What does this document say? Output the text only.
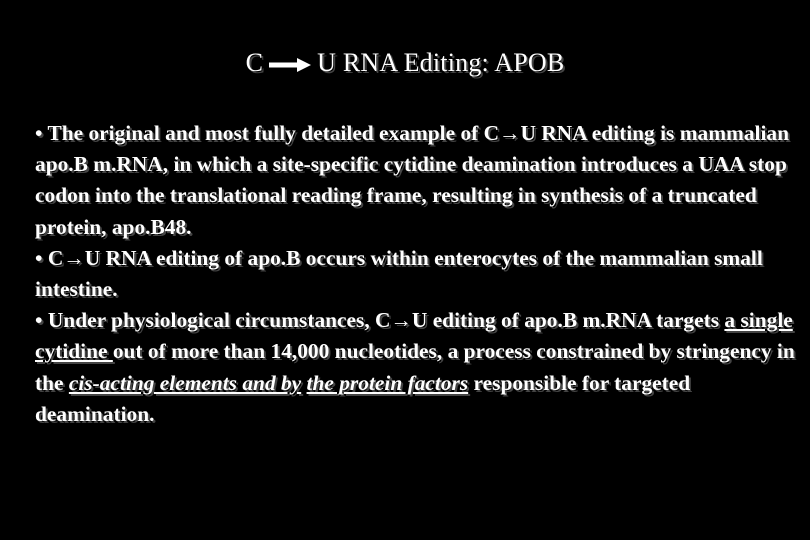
C U RNA Editing: APOB

• The original and most fully detailed example of C→U RNA editing is mammalian apo.B m.RNA, in which a site-specific cytidine deamination introduces a UAA stop codon into the translational reading frame, resulting in synthesis of a truncated protein, apo.B48.

• C→U RNA editing of apo.B occurs within enterocytes of the mammalian small intestine.

• Under physiological circumstances, C→U editing of apo.B m.RNA targets a single cytidine out of more than 14,000 nucleotides, a process constrained by stringency in the cis-acting elements and by the protein factors responsible for targeted deamination.
